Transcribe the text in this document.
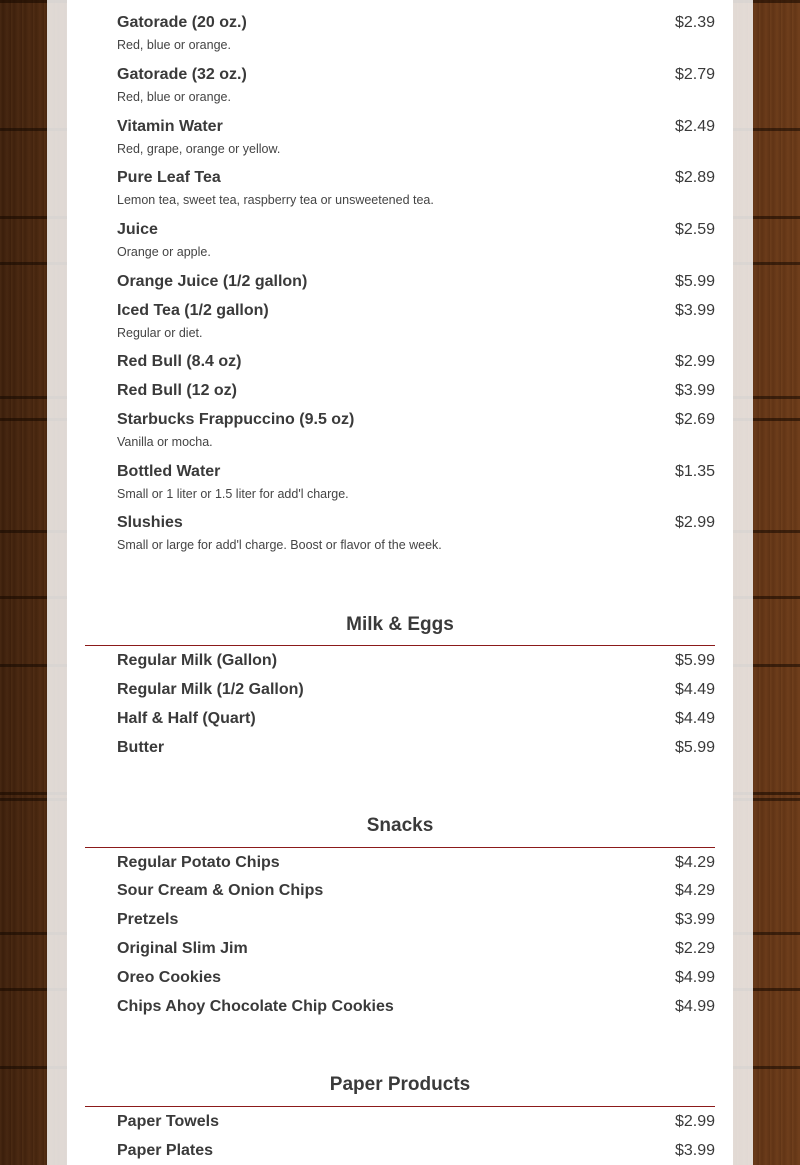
Gatorade (20 oz.)	$2.39
Red, blue or orange.
Gatorade (32 oz.)	$2.79
Red, blue or orange.
Vitamin Water	$2.49
Red, grape, orange or yellow.
Pure Leaf Tea	$2.89
Lemon tea, sweet tea, raspberry tea or unsweetened tea.
Juice	$2.59
Orange or apple.
Orange Juice (1/2 gallon)	$5.99
Iced Tea (1/2 gallon)	$3.99
Regular or diet.
Red Bull (8.4 oz)	$2.99
Red Bull (12 oz)	$3.99
Starbucks Frappuccino (9.5 oz)	$2.69
Vanilla or mocha.
Bottled Water	$1.35
Small or 1 liter or 1.5 liter for add'l charge.
Slushies	$2.99
Small or large for add'l charge. Boost or flavor of the week.
Milk & Eggs
Regular Milk (Gallon)	$5.99
Regular Milk (1/2 Gallon)	$4.49
Half & Half (Quart)	$4.49
Butter	$5.99
Snacks
Regular Potato Chips	$4.29
Sour Cream & Onion Chips	$4.29
Pretzels	$3.99
Original Slim Jim	$2.29
Oreo Cookies	$4.99
Chips Ahoy Chocolate Chip Cookies	$4.99
Paper Products
Paper Towels	$2.99
Paper Plates	$3.99
